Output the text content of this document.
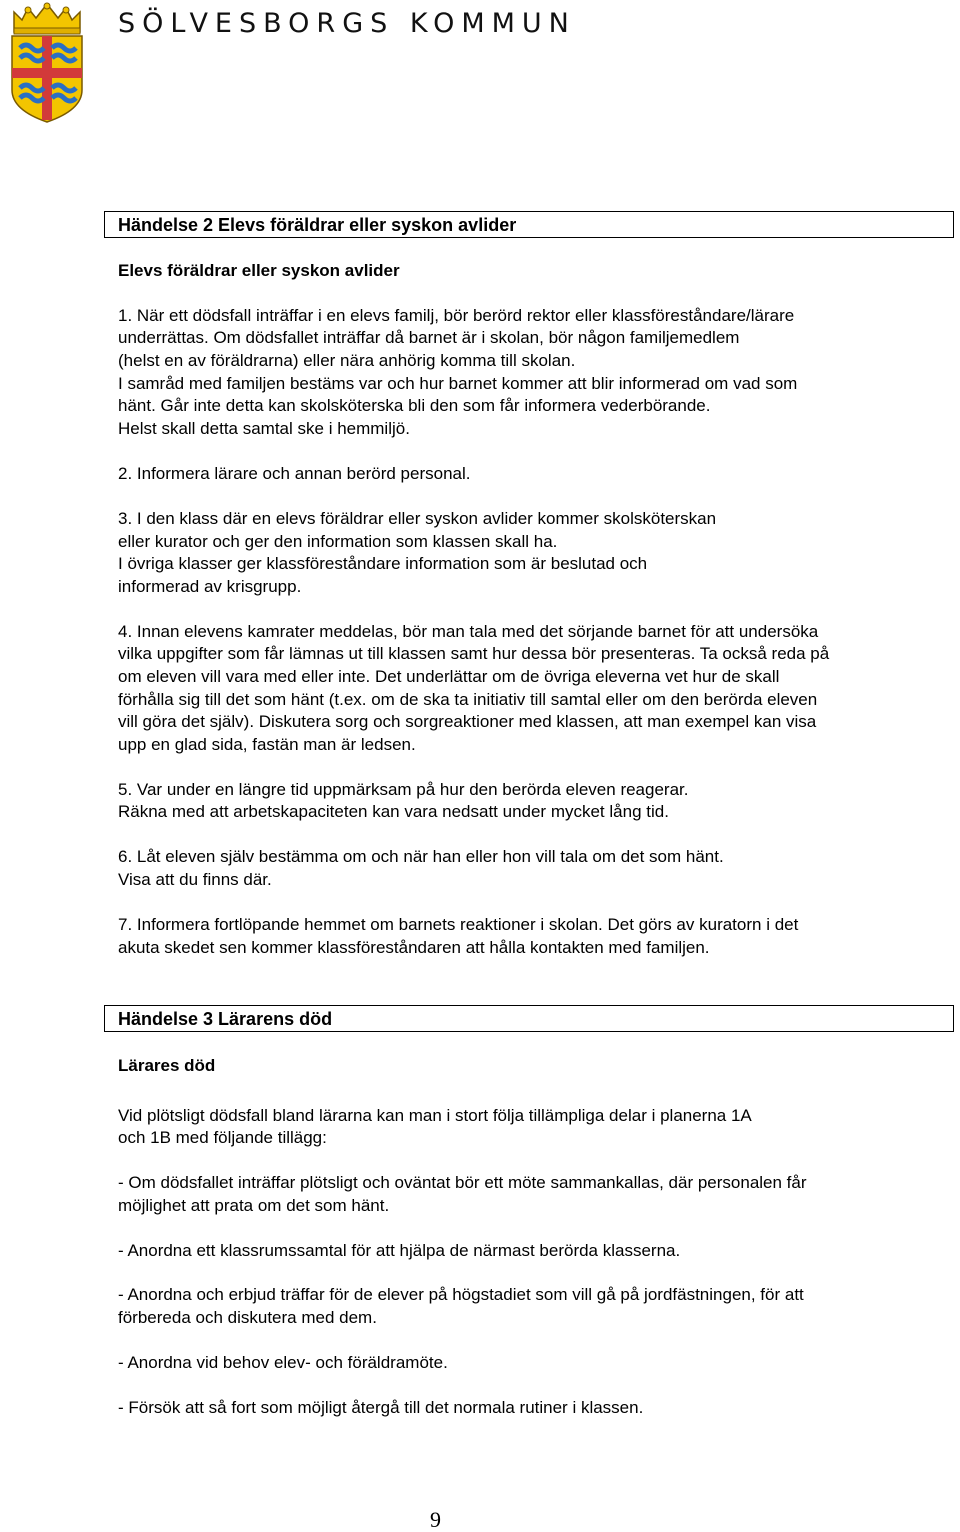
SÖLVESBORGS KOMMUN
Händelse 2 Elevs föräldrar eller syskon avlider
Elevs föräldrar eller syskon avlider
1. När ett dödsfall inträffar i en elevs familj, bör berörd rektor eller klassföreståndare/lärare
underrättas. Om dödsfallet inträffar då barnet är i skolan, bör någon familjemedlem
(helst en av föräldrarna) eller nära anhörig komma till skolan.
I samråd med familjen bestäms var och hur barnet kommer att blir informerad om vad som
hänt. Går inte detta kan skolsköterska bli den som får informera vederbörande.
Helst skall detta samtal ske i hemmiljö.
2. Informera lärare och annan berörd personal.
3. I den klass där en elevs föräldrar eller syskon avlider kommer skolsköterskan
eller kurator och ger den information som klassen skall ha.
I övriga klasser ger klassföreståndare information som är beslutad och
informerad av krisgrupp.
4. Innan elevens kamrater meddelas, bör man tala med det sörjande barnet för att undersöka
vilka uppgifter som får lämnas ut till klassen samt hur dessa bör presenteras. Ta också reda på
om eleven vill vara med eller inte. Det underlättar om de övriga eleverna vet hur de skall
förhålla sig till det som hänt (t.ex. om de ska ta initiativ till samtal eller om den berörda eleven
vill göra det själv). Diskutera sorg och sorgreaktioner med klassen, att man exempel kan visa
upp en glad sida, fastän man är ledsen.
5. Var under en längre tid uppmärksam på hur den berörda eleven reagerar.
Räkna med att arbetskapaciteten kan vara nedsatt under mycket lång tid.
6. Låt eleven själv bestämma om och när han eller hon vill tala om det som hänt.
Visa att du finns där.
7. Informera fortlöpande hemmet om barnets reaktioner i skolan. Det görs av kuratorn i det
akuta skedet sen kommer klassföreståndaren att hålla kontakten med familjen.
Händelse 3 Lärarens död
Lärares död
Vid plötsligt dödsfall bland lärarna kan man i stort följa tillämpliga delar i planerna 1A
och 1B med följande tillägg:
- Om dödsfallet inträffar plötsligt och oväntat bör ett möte sammankallas, där personalen får
möjlighet att prata om det som hänt.
- Anordna ett klassrumssamtal för att hjälpa de närmast berörda klasserna.
- Anordna och erbjud träffar för de elever på högstadiet som vill gå på jordfästningen, för att
förbereda och diskutera med dem.
- Anordna vid behov elev- och föräldramöte.
- Försök att så fort som möjligt återgå till det normala rutiner i klassen.
9
